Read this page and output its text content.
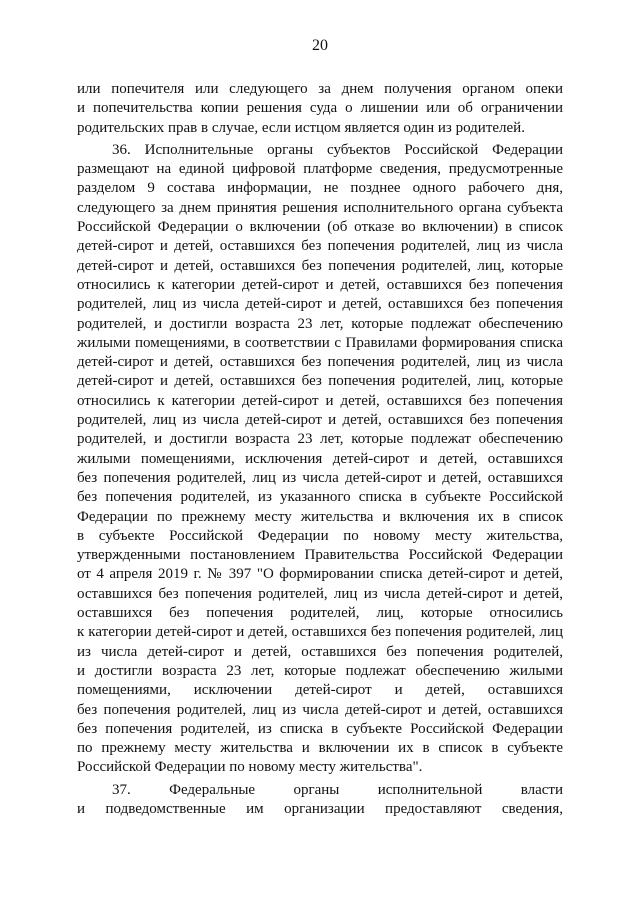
20
или попечителя или следующего за днем получения органом опеки
и попечительства копии решения суда о лишении или об ограничении
родительских прав в случае, если истцом является один из родителей.
36. Исполнительные органы субъектов Российской Федерации
размещают на единой цифровой платформе сведения, предусмотренные
разделом 9 состава информации, не позднее одного рабочего дня,
следующего за днем принятия решения исполнительного органа субъекта
Российской Федерации о включении (об отказе во включении) в список
детей-сирот и детей, оставшихся без попечения родителей, лиц из числа
детей-сирот и детей, оставшихся без попечения родителей, лиц, которые
относились к категории детей-сирот и детей, оставшихся без попечения
родителей, лиц из числа детей-сирот и детей, оставшихся без попечения
родителей, и достигли возраста 23 лет, которые подлежат обеспечению
жилыми помещениями, в соответствии с Правилами формирования списка
детей-сирот и детей, оставшихся без попечения родителей, лиц из числа
детей-сирот и детей, оставшихся без попечения родителей, лиц, которые
относились к категории детей-сирот и детей, оставшихся без попечения
родителей, лиц из числа детей-сирот и детей, оставшихся без попечения
родителей, и достигли возраста 23 лет, которые подлежат обеспечению
жилыми помещениями, исключения детей-сирот и детей, оставшихся
без попечения родителей, лиц из числа детей-сирот и детей, оставшихся
без попечения родителей, из указанного списка в субъекте Российской
Федерации по прежнему месту жительства и включения их в список
в субъекте Российской Федерации по новому месту жительства,
утвержденными постановлением Правительства Российской Федерации
от 4 апреля 2019 г. № 397 "О формировании списка детей-сирот и детей,
оставшихся без попечения родителей, лиц из числа детей-сирот и детей,
оставшихся без попечения родителей, лиц, которые относились
к категории детей-сирот и детей, оставшихся без попечения родителей, лиц
из числа детей-сирот и детей, оставшихся без попечения родителей,
и достигли возраста 23 лет, которые подлежат обеспечению жилыми
помещениями, исключении детей-сирот и детей, оставшихся
без попечения родителей, лиц из числа детей-сирот и детей, оставшихся
без попечения родителей, из списка в субъекте Российской Федерации
по прежнему месту жительства и включении их в список в субъекте
Российской Федерации по новому месту жительства".
37. Федеральные органы исполнительной власти
и подведомственные им организации предоставляют сведения,
